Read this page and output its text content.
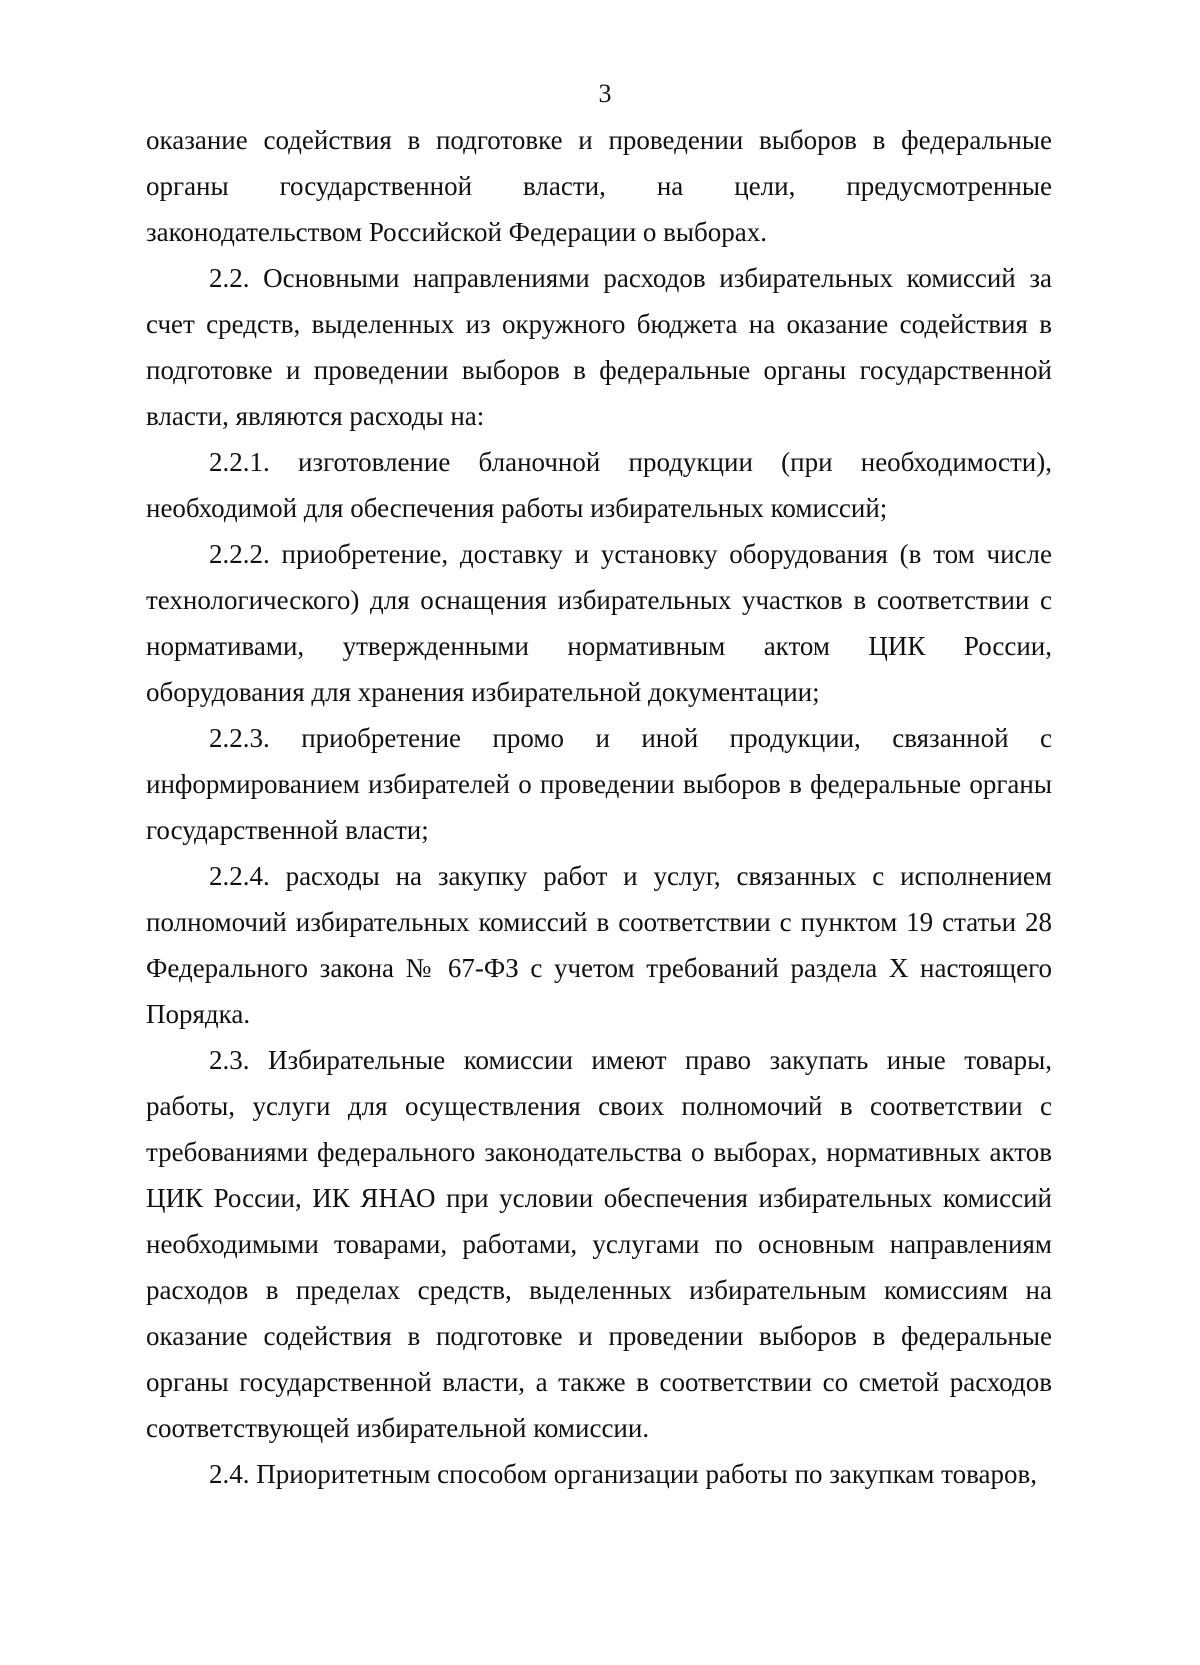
3

оказание содействия в подготовке и проведении выборов в федеральные органы государственной власти, на цели, предусмотренные законодательством Российской Федерации о выборах.

2.2. Основными направлениями расходов избирательных комиссий за счет средств, выделенных из окружного бюджета на оказание содействия в подготовке и проведении выборов в федеральные органы государственной власти, являются расходы на:

2.2.1. изготовление бланочной продукции (при необходимости), необходимой для обеспечения работы избирательных комиссий;

2.2.2. приобретение, доставку и установку оборудования (в том числе технологического) для оснащения избирательных участков в соответствии с нормативами, утвержденными нормативным актом ЦИК России, оборудования для хранения избирательной документации;

2.2.3. приобретение промо и иной продукции, связанной с информированием избирателей о проведении выборов в федеральные органы государственной власти;

2.2.4. расходы на закупку работ и услуг, связанных с исполнением полномочий избирательных комиссий в соответствии с пунктом 19 статьи 28 Федерального закона № 67-ФЗ с учетом требований раздела X настоящего Порядка.

2.3. Избирательные комиссии имеют право закупать иные товары, работы, услуги для осуществления своих полномочий в соответствии с требованиями федерального законодательства о выборах, нормативных актов ЦИК России, ИК ЯНАО при условии обеспечения избирательных комиссий необходимыми товарами, работами, услугами по основным направлениям расходов в пределах средств, выделенных избирательным комиссиям на оказание содействия в подготовке и проведении выборов в федеральные органы государственной власти, а также в соответствии со сметой расходов соответствующей избирательной комиссии.

2.4. Приоритетным способом организации работы по закупкам товаров,
